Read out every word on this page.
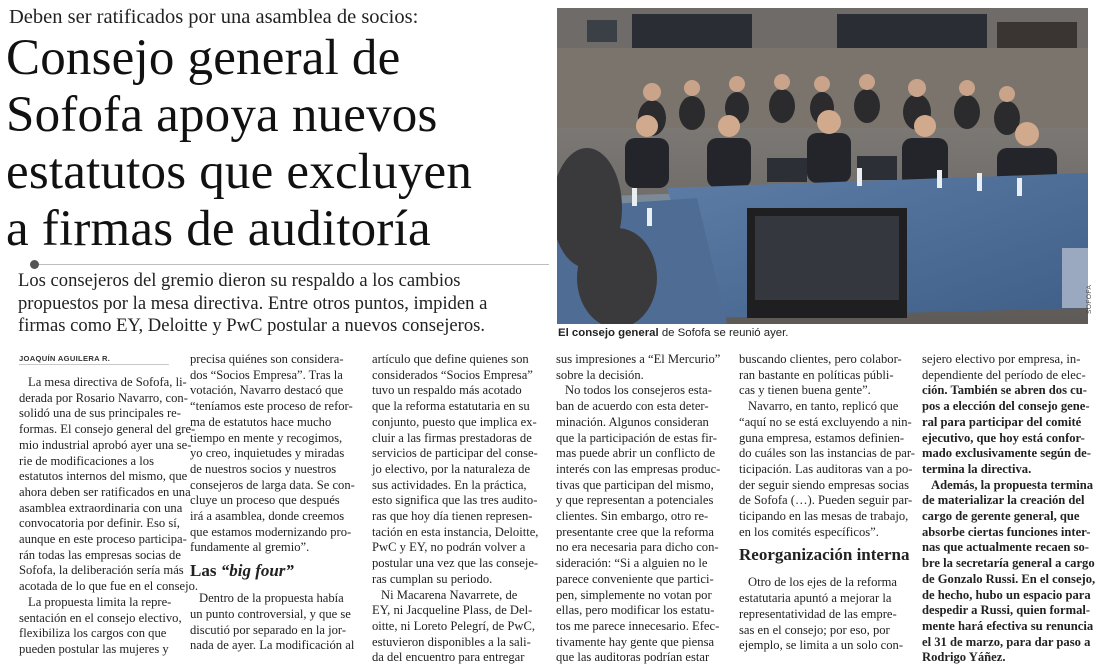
Deben ser ratificados por una asamblea de socios:
Consejo general de
Sofofa apoya nuevos
estatutos que excluyen
a firmas de auditoría
Los consejeros del gremio dieron su respaldo a los cambios
propuestos por la mesa directiva. Entre otros puntos, impiden a
firmas como EY, Deloitte y PwC postular a nuevos consejeros.
SOFOFA
El consejo general de Sofofa se reunió ayer.
JOAQUÍN AGUILERA R.
La mesa directiva de Sofofa, li-
derada por Rosario Navarro, con-
solidó una de sus principales re-
formas. El consejo general del gre-
mio industrial aprobó ayer una se-
rie de modificaciones a los
estatutos internos del mismo, que
ahora deben ser ratificados en una
asamblea extraordinaria con una
convocatoria por definir. Eso sí,
aunque en este proceso participa-
rán todas las empresas socias de
Sofofa, la deliberación sería más
acotada de lo que fue en el consejo.
La propuesta limita la repre-
sentación en el consejo electivo,
flexibiliza los cargos con que
pueden postular las mujeres y
precisa quiénes son considera-
dos “Socios Empresa”. Tras la
votación, Navarro destacó que
“teníamos este proceso de refor-
ma de estatutos hace mucho
tiempo en mente y recogimos,
yo creo, inquietudes y miradas
de nuestros socios y nuestros
consejeros de larga data. Se con-
cluye un proceso que después
irá a asamblea, donde creemos
que estamos modernizando pro-
fundamente al gremio”.
Las “big four”
Dentro de la propuesta había
un punto controversial, y que se
discutió por separado en la jor-
nada de ayer. La modificación al
artículo que define quienes son
considerados “Socios Empresa”
tuvo un respaldo más acotado
que la reforma estatutaria en su
conjunto, puesto que implica ex-
cluir a las firmas prestadoras de
servicios de participar del conse-
jo electivo, por la naturaleza de
sus actividades. En la práctica,
esto significa que las tres audito-
ras que hoy día tienen represen-
tación en esta instancia, Deloitte,
PwC y EY, no podrán volver a
postular una vez que las conseje-
ras cumplan su periodo.
Ni Macarena Navarrete, de
EY, ni Jacqueline Plass, de Del-
oitte, ni Loreto Pelegrí, de PwC,
estuvieron disponibles a la sali-
da del encuentro para entregar
sus impresiones a “El Mercurio”
sobre la decisión.
No todos los consejeros esta-
ban de acuerdo con esta deter-
minación. Algunos consideran
que la participación de estas fir-
mas puede abrir un conflicto de
interés con las empresas produc-
tivas que participan del mismo,
y que representan a potenciales
clientes. Sin embargo, otro re-
presentante cree que la reforma
no era necesaria para dicho con-
sideración: “Si a alguien no le
parece conveniente que partici-
pen, simplemente no votan por
ellas, pero modificar los estatu-
tos me parece innecesario. Efec-
tivamente hay gente que piensa
que las auditoras podrían estar
buscando clientes, pero colabor-
ran bastante en políticas públi-
cas y tienen buena gente”.
Navarro, en tanto, replicó que
“aquí no se está excluyendo a nin-
guna empresa, estamos definien-
do cuáles son las instancias de par-
ticipación. Las auditoras van a po-
der seguir siendo empresas socias
de Sofofa (…). Pueden seguir par-
ticipando en las mesas de trabajo,
en los comités específicos”.
Reorganización interna
Otro de los ejes de la reforma
estatutaria apuntó a mejorar la
representatividad de las empre-
sas en el consejo; por eso, por
ejemplo, se limita a un solo con-
sejero electivo por empresa, in-
dependiente del período de elec-
ción. También se abren dos cu-
pos a elección del consejo gene-
ral para participar del comité
ejecutivo, que hoy está confor-
mado exclusivamente según de-
termina la directiva.
Además, la propuesta termina
de materializar la creación del
cargo de gerente general, que
absorbe ciertas funciones inter-
nas que actualmente recaen so-
bre la secretaría general a cargo
de Gonzalo Russi. En el consejo,
de hecho, hubo un espacio para
despedir a Russi, quien formal-
mente hará efectiva su renuncia
el 31 de marzo, para dar paso a
Rodrigo Yáñez.
